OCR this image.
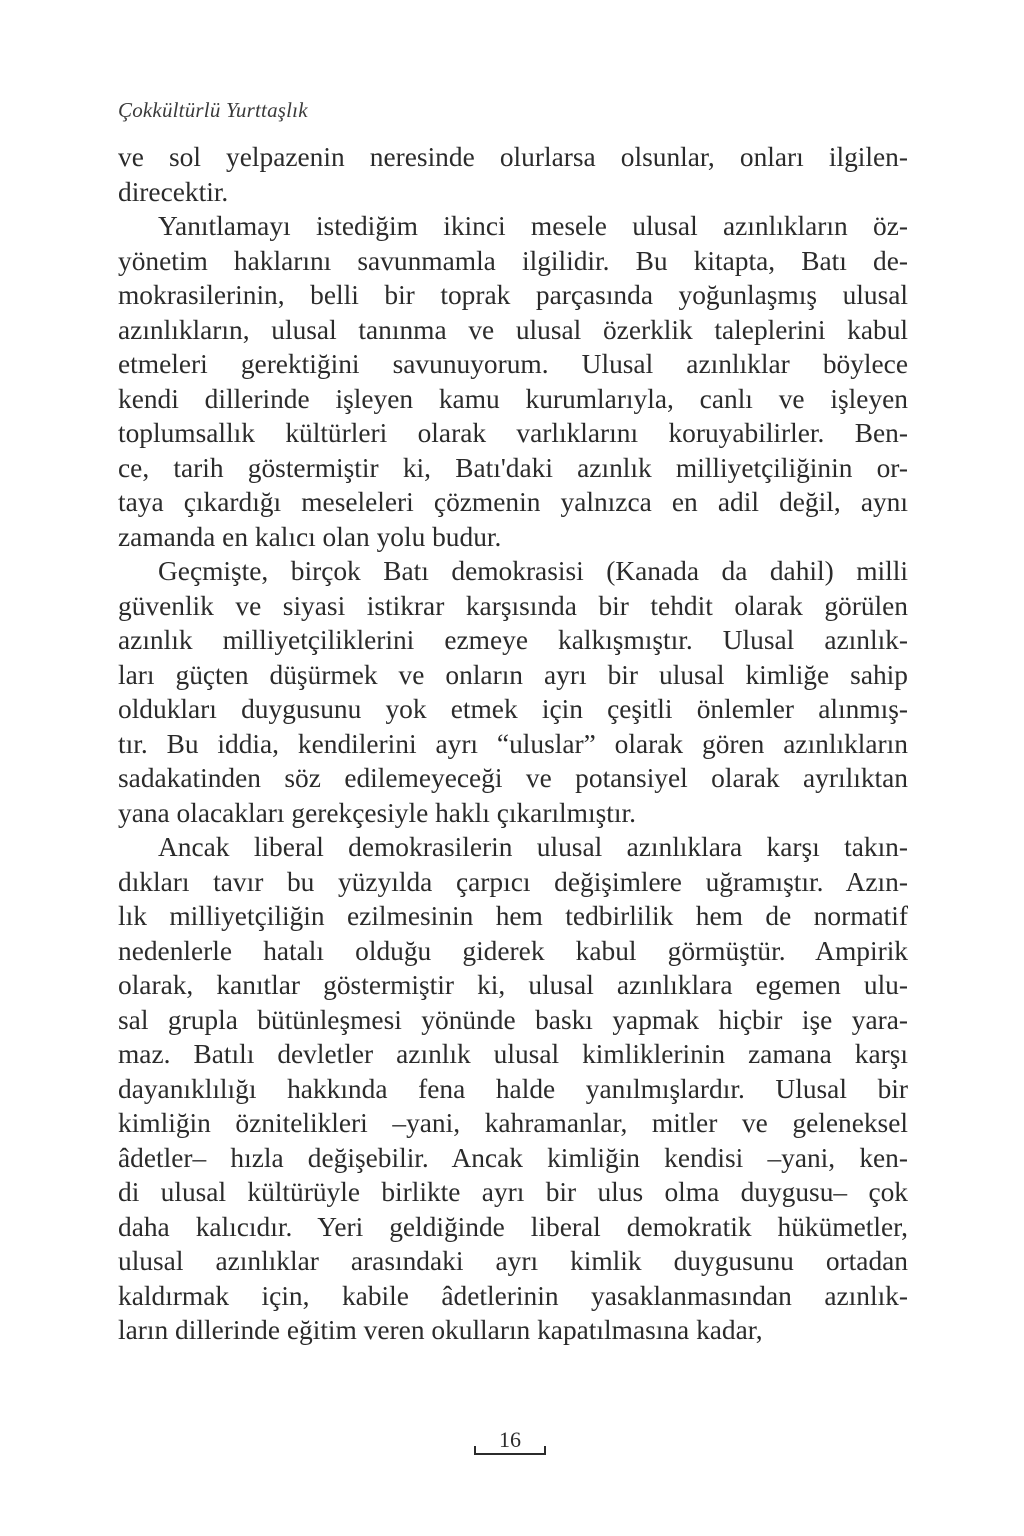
Çokkültürlü Yurttaşlık
ve sol yelpazenin neresinde olurlarsa olsunlar, onları ilgilen-
direcektir.
Yanıtlamayı istediğim ikinci mesele ulusal azınlıkların öz-
yönetim haklarını savunmamla ilgilidir. Bu kitapta, Batı de-
mokrasilerinin, belli bir toprak parçasında yoğunlaşmış ulusal
azınlıkların, ulusal tanınma ve ulusal özerklik taleplerini kabul
etmeleri gerektiğini savunuyorum. Ulusal azınlıklar böylece
kendi dillerinde işleyen kamu kurumlarıyla, canlı ve işleyen
toplumsallık kültürleri olarak varlıklarını koruyabilirler. Ben-
ce, tarih göstermiştir ki, Batı'daki azınlık milliyetçiliğinin or-
taya çıkardığı meseleleri çözmenin yalnızca en adil değil, aynı
zamanda en kalıcı olan yolu budur.
Geçmişte, birçok Batı demokrasisi (Kanada da dahil) milli
güvenlik ve siyasi istikrar karşısında bir tehdit olarak görülen
azınlık milliyetçiliklerini ezmeye kalkışmıştır. Ulusal azınlık-
ları güçten düşürmek ve onların ayrı bir ulusal kimliğe sahip
oldukları duygusunu yok etmek için çeşitli önlemler alınmış-
tır. Bu iddia, kendilerini ayrı “uluslar” olarak gören azınlıkların
sadakatinden söz edilemeyeceği ve potansiyel olarak ayrılıktan
yana olacakları gerekçesiyle haklı çıkarılmıştır.
Ancak liberal demokrasilerin ulusal azınlıklara karşı takın-
dıkları tavır bu yüzyılda çarpıcı değişimlere uğramıştır. Azın-
lık milliyetçiliğin ezilmesinin hem tedbirlilik hem de normatif
nedenlerle hatalı olduğu giderek kabul görmüştür. Ampirik
olarak, kanıtlar göstermiştir ki, ulusal azınlıklara egemen ulu-
sal grupla bütünleşmesi yönünde baskı yapmak hiçbir işe yara-
maz. Batılı devletler azınlık ulusal kimliklerinin zamana karşı
dayanıklılığı hakkında fena halde yanılmışlardır. Ulusal bir
kimliğin öznitelikleri –yani, kahramanlar, mitler ve geleneksel
âdetler– hızla değişebilir. Ancak kimliğin kendisi –yani, ken-
di ulusal kültürüyle birlikte ayrı bir ulus olma duygusu– çok
daha kalıcıdır. Yeri geldiğinde liberal demokratik hükümetler,
ulusal azınlıklar arasındaki ayrı kimlik duygusunu ortadan
kaldırmak için, kabile âdetlerinin yasaklanmasından azınlık-
ların dillerinde eğitim veren okulların kapatılmasına kadar,
16
